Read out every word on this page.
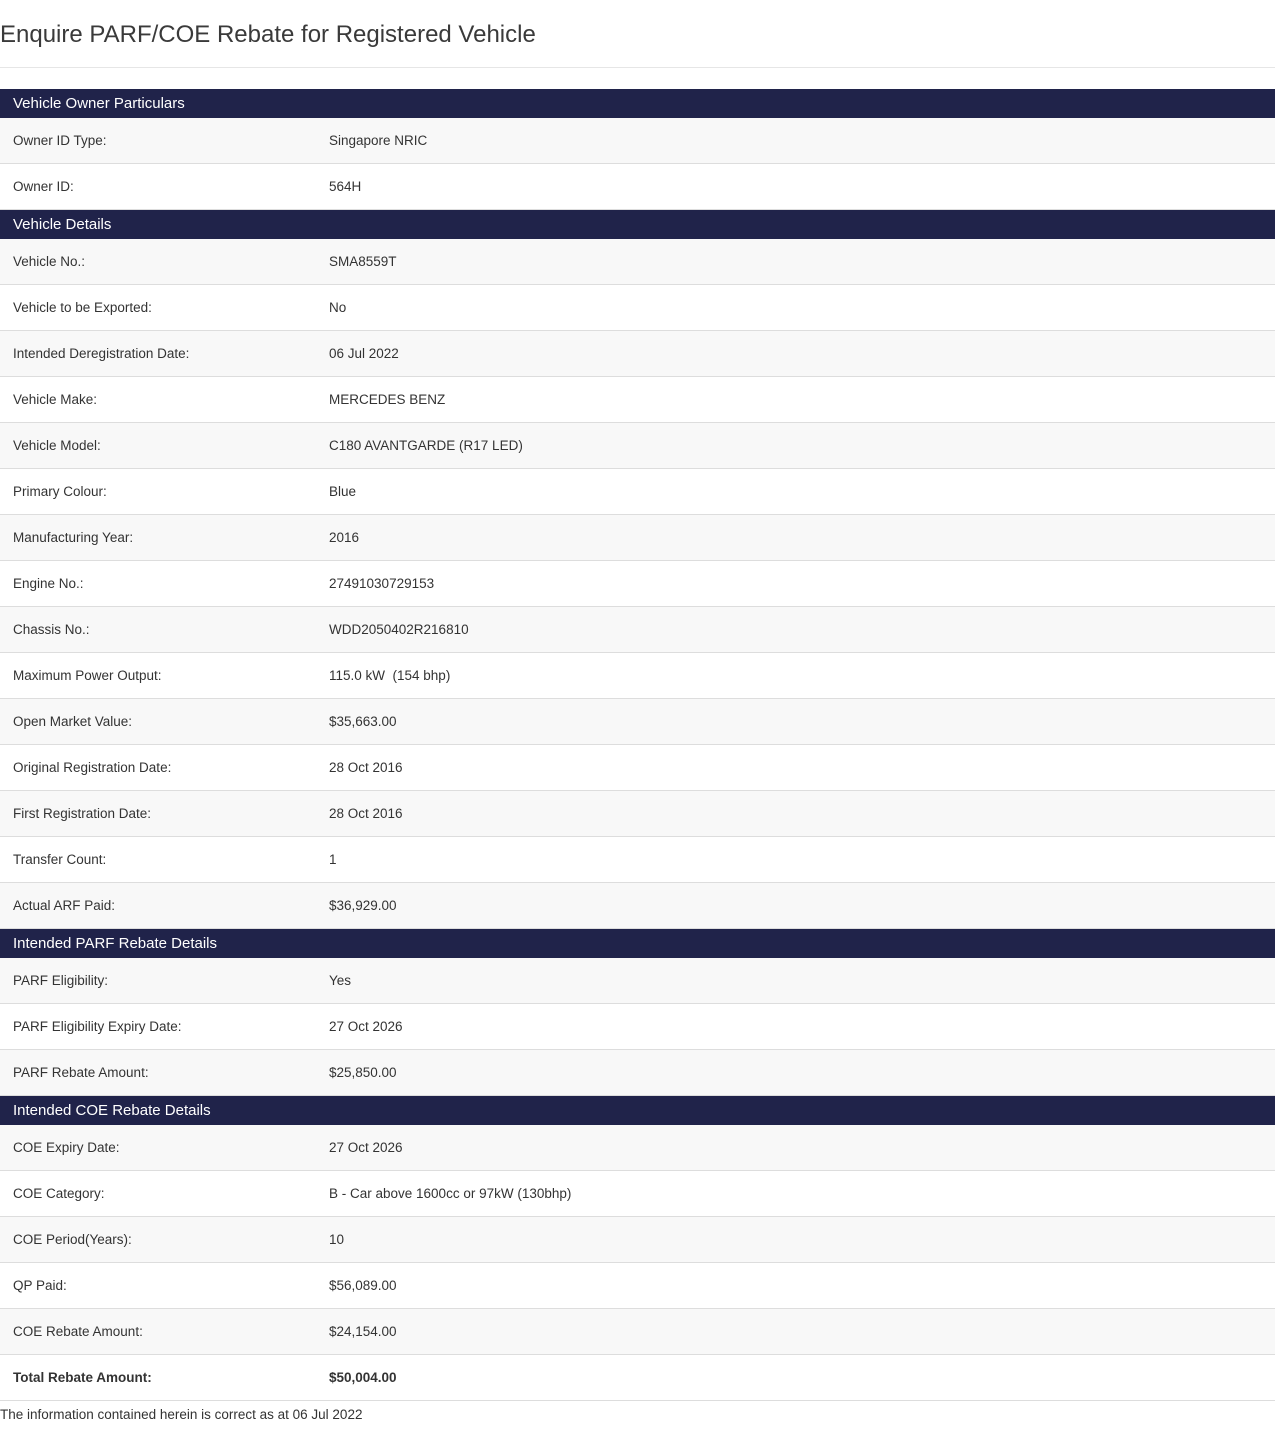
Enquire PARF/COE Rebate for Registered Vehicle
Vehicle Owner Particulars
Owner ID Type:	Singapore NRIC
Owner ID:	564H
Vehicle Details
Vehicle No.:	SMA8559T
Vehicle to be Exported:	No
Intended Deregistration Date:	06 Jul 2022
Vehicle Make:	MERCEDES BENZ
Vehicle Model:	C180 AVANTGARDE (R17 LED)
Primary Colour:	Blue
Manufacturing Year:	2016
Engine No.:	27491030729153
Chassis No.:	WDD2050402R216810
Maximum Power Output:	115.0 kW  (154 bhp)
Open Market Value:	$35,663.00
Original Registration Date:	28 Oct 2016
First Registration Date:	28 Oct 2016
Transfer Count:	1
Actual ARF Paid:	$36,929.00
Intended PARF Rebate Details
PARF Eligibility:	Yes
PARF Eligibility Expiry Date:	27 Oct 2026
PARF Rebate Amount:	$25,850.00
Intended COE Rebate Details
COE Expiry Date:	27 Oct 2026
COE Category:	B - Car above 1600cc or 97kW (130bhp)
COE Period(Years):	10
QP Paid:	$56,089.00
COE Rebate Amount:	$24,154.00
Total Rebate Amount:	$50,004.00
The information contained herein is correct as at 06 Jul 2022
